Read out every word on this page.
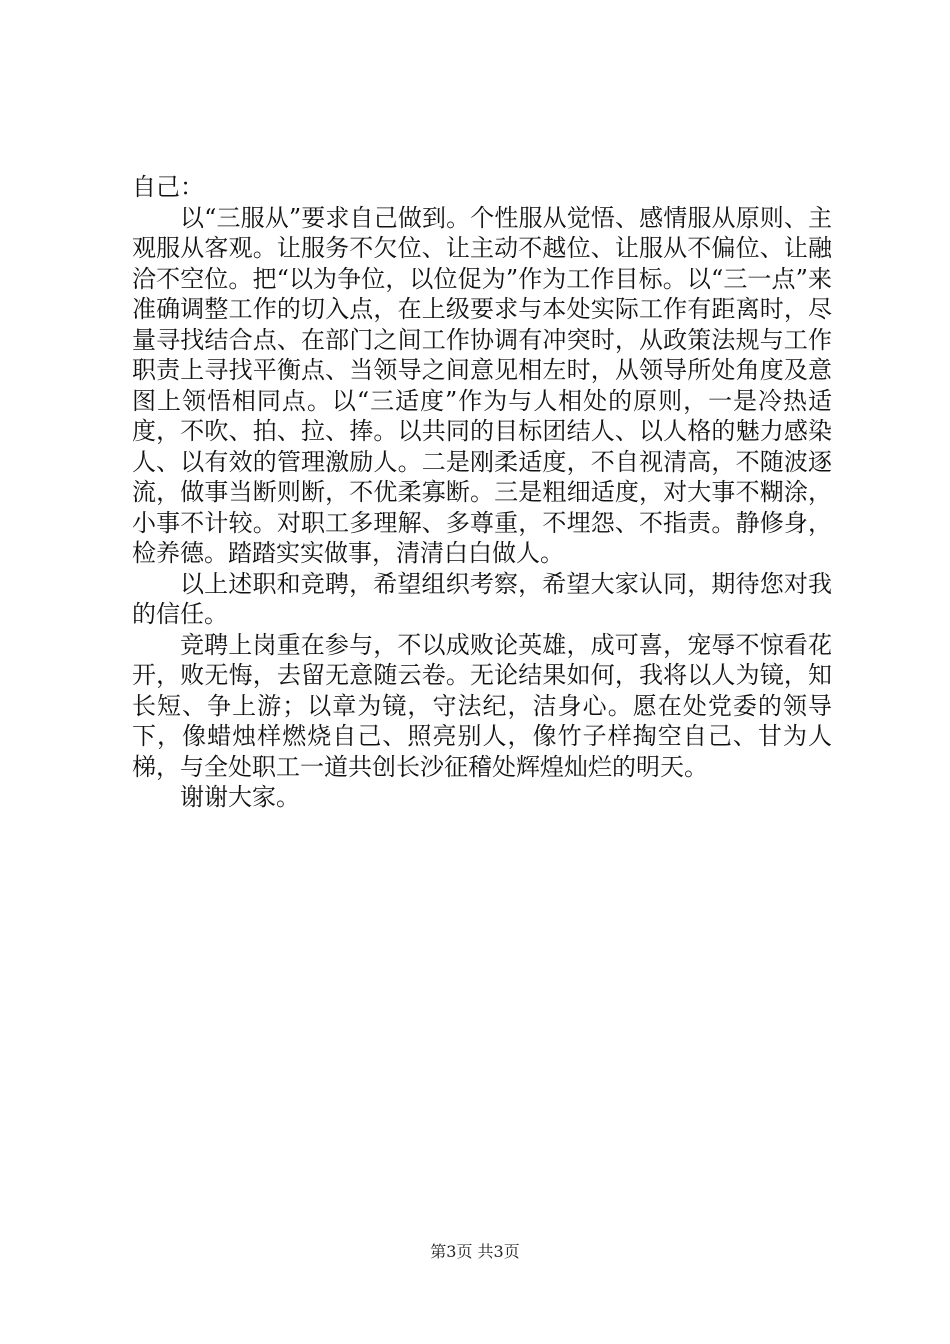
自己：

以“三服从”要求自己做到。个性服从觉悟、感情服从原则、主观服从客观。让服务不欠位、让主动不越位、让服从不偏位、让融洽不空位。把“以为争位，以位促为”作为工作目标。以“三一点”来准确调整工作的切入点，在上级要求与本处实际工作有距离时，尽量寻找结合点、在部门之间工作协调有冲突时，从政策法规与工作职责上寻找平衡点、当领导之间意见相左时，从领导所处角度及意图上领悟相同点。以“三适度”作为与人相处的原则，一是冷热适度，不吹、拍、拉、捧。以共同的目标团结人、以人格的魅力感染人、以有效的管理激励人。二是刚柔适度，不自视清高，不随波逐流，做事当断则断，不优柔寡断。三是粗细适度，对大事不糊涂，小事不计较。对职工多理解、多尊重，不埋怨、不指责。静修身，检养德。踏踏实实做事，清清白白做人。

以上述职和竞聘，希望组织考察，希望大家认同，期待您对我的信任。

竞聘上岗重在参与，不以成败论英雄，成可喜，宠辱不惊看花开，败无悔，去留无意随云卷。无论结果如何，我将以人为镜，知长短、争上游；以章为镜，守法纪，洁身心。愿在处党委的领导下，像蜡烛样燃烧自己、照亮别人，像竹子样掏空自己、甘为人梯，与全处职工一道共创长沙征稽处辉煌灿烂的明天。

谢谢大家。

第3页 共3页
